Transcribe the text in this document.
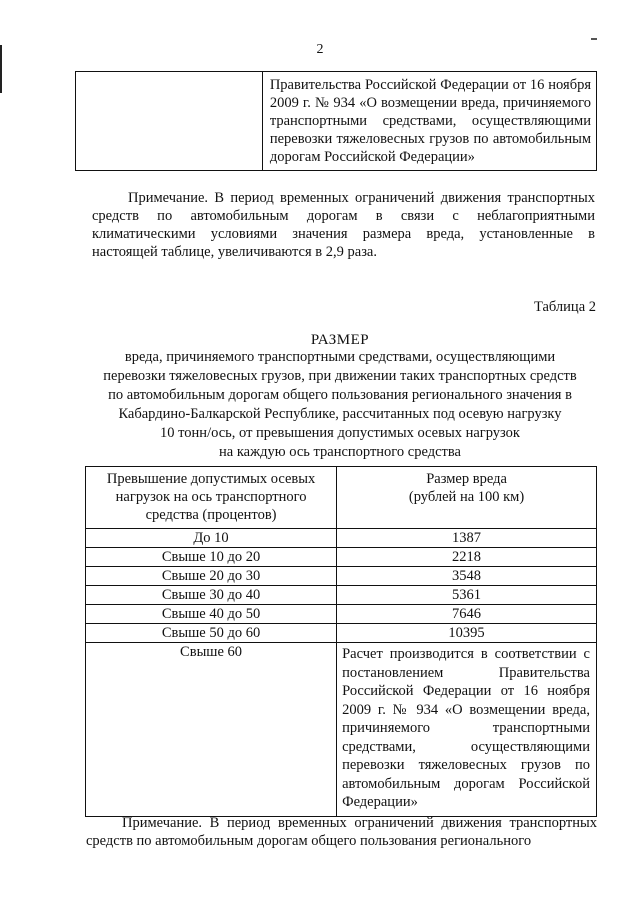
2
	Правительства Российской Федерации от 16 ноября 2009 г. № 934 «О возмещении вреда, причиняемого транспортными средствами, осуществляющими перевозки тяжеловесных грузов по автомобильным дорогам Российской Федерации»
Примечание. В период временных ограничений движения транспортных средств по автомобильным дорогам в связи с неблагоприятными климатическими условиями значения размера вреда, установленные в настоящей таблице, увеличиваются в 2,9 раза.
Таблица 2
РАЗМЕР
вреда, причиняемого транспортными средствами, осуществляющими
перевозки тяжеловесных грузов, при движении таких транспортных средств
по автомобильным дорогам общего пользования регионального значения в
Кабардино-Балкарской Республике, рассчитанных под осевую нагрузку
10 тонн/ось, от превышения допустимых осевых нагрузок
на каждую ось транспортного средства
Превышение допустимых осевых нагрузок на ось транспортного средства (процентов)	Размер вреда
(рублей на 100 км)

До 10	1387
Свыше 10 до 20	2218
Свыше 20 до 30	3548
Свыше 30 до 40	5361
Свыше 40 до 50	7646
Свыше 50 до 60	10395
Свыше 60	Расчет производится в соответствии с постановлением Правительства Российской Федерации от 16 ноября 2009 г. № 934 «О возмещении вреда, причиняемого транспортными средствами, осуществляющими перевозки тяжеловесных грузов по автомобильным дорогам Российской Федерации»
Примечание. В период временных ограничений движения транспортных средств по автомобильным дорогам общего пользования регионального
